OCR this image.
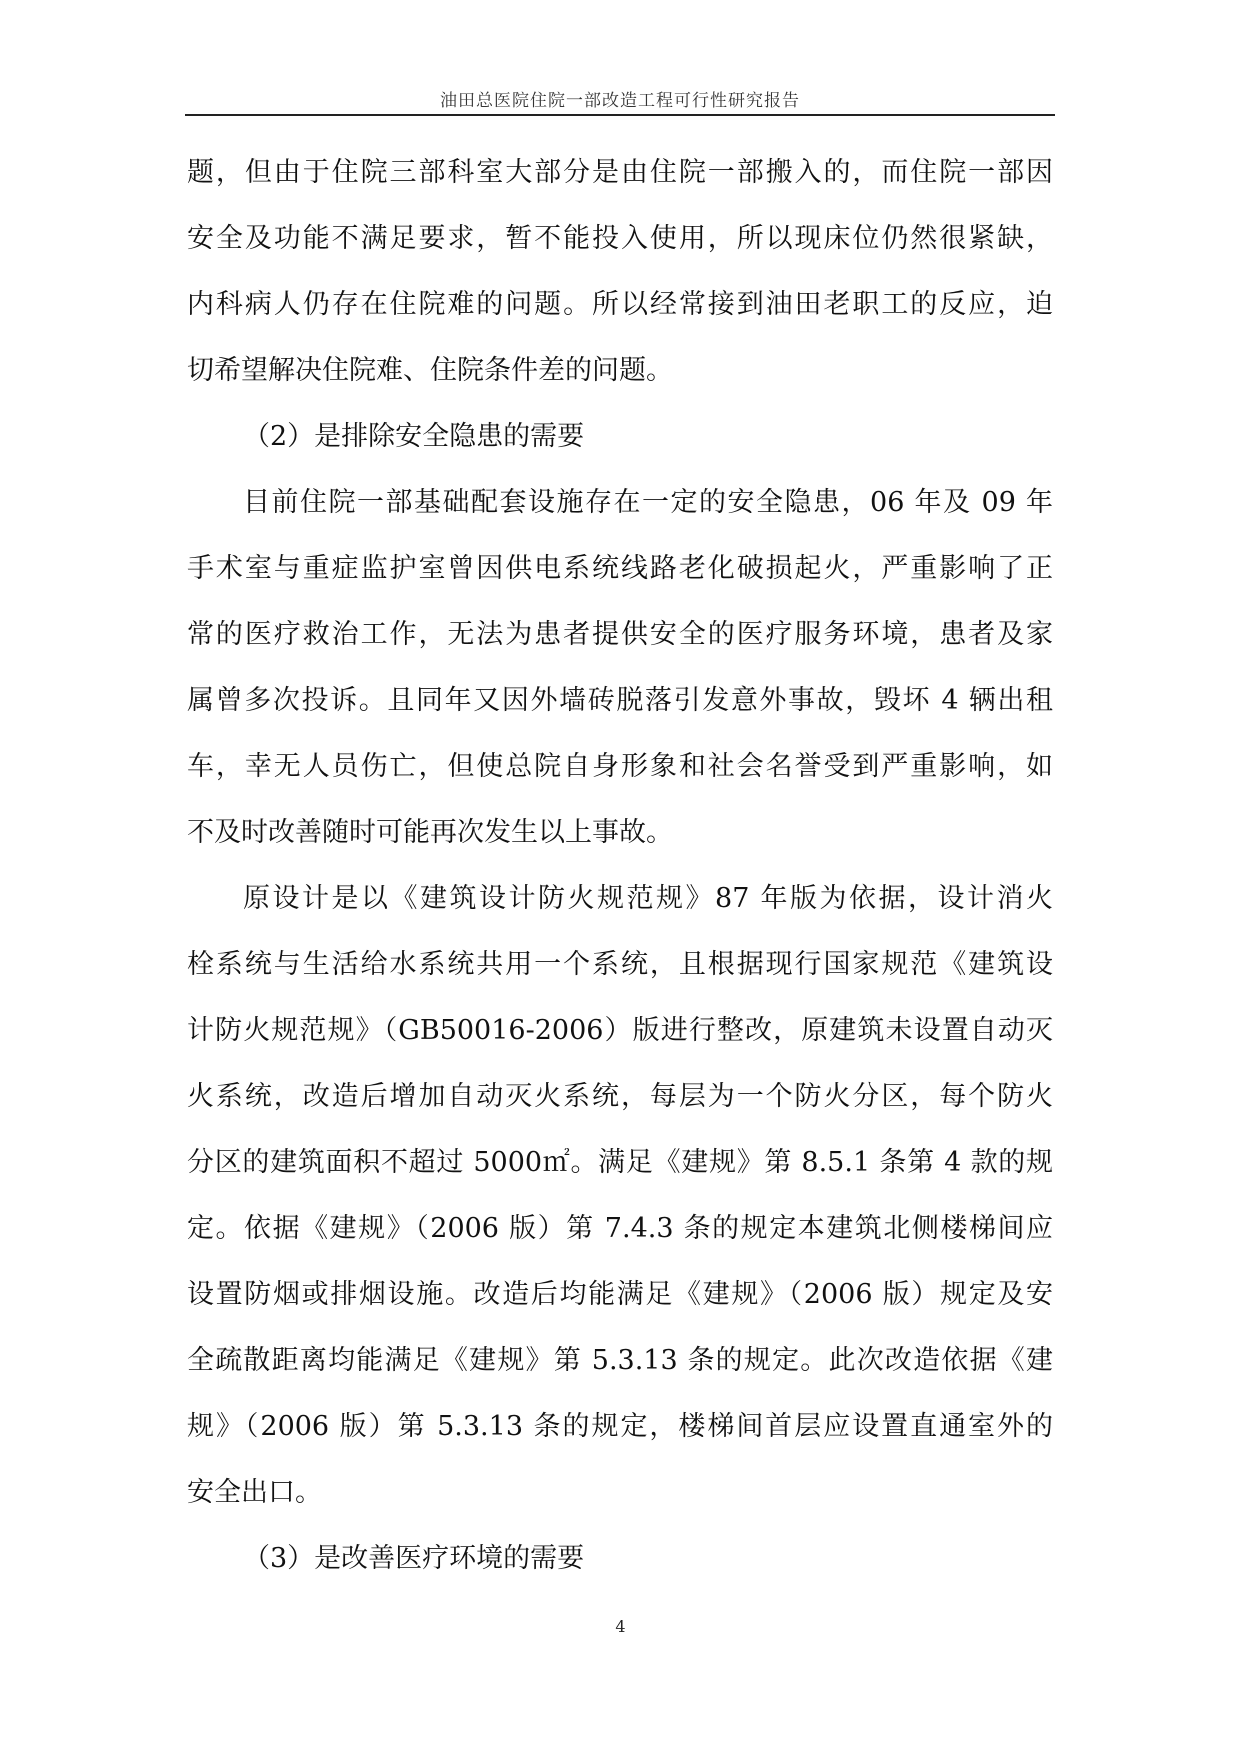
油田总医院住院一部改造工程可行性研究报告
题，但由于住院三部科室大部分是由住院一部搬入的，而住院一部因
安全及功能不满足要求，暂不能投入使用，所以现床位仍然很紧缺，
内科病人仍存在住院难的问题。所以经常接到油田老职工的反应，迫
切希望解决住院难、住院条件差的问题。
（2）是排除安全隐患的需要
目前住院一部基础配套设施存在一定的安全隐患，06 年及 09 年
手术室与重症监护室曾因供电系统线路老化破损起火，严重影响了正
常的医疗救治工作，无法为患者提供安全的医疗服务环境，患者及家
属曾多次投诉。且同年又因外墙砖脱落引发意外事故，毁坏 4 辆出租
车，幸无人员伤亡，但使总院自身形象和社会名誉受到严重影响，如
不及时改善随时可能再次发生以上事故。
原设计是以《建筑设计防火规范规》87 年版为依据，设计消火
栓系统与生活给水系统共用一个系统，且根据现行国家规范《建筑设
计防火规范规》（GB50016-2006）版进行整改，原建筑未设置自动灭
火系统，改造后增加自动灭火系统，每层为一个防火分区，每个防火
分区的建筑面积不超过 5000㎡。满足《建规》第 8.5.1 条第 4 款的规
定。依据《建规》（2006 版）第 7.4.3 条的规定本建筑北侧楼梯间应
设置防烟或排烟设施。改造后均能满足《建规》（2006 版）规定及安
全疏散距离均能满足《建规》第 5.3.13 条的规定。此次改造依据《建
规》（2006 版）第 5.3.13 条的规定，楼梯间首层应设置直通室外的
安全出口。
（3）是改善医疗环境的需要
4
